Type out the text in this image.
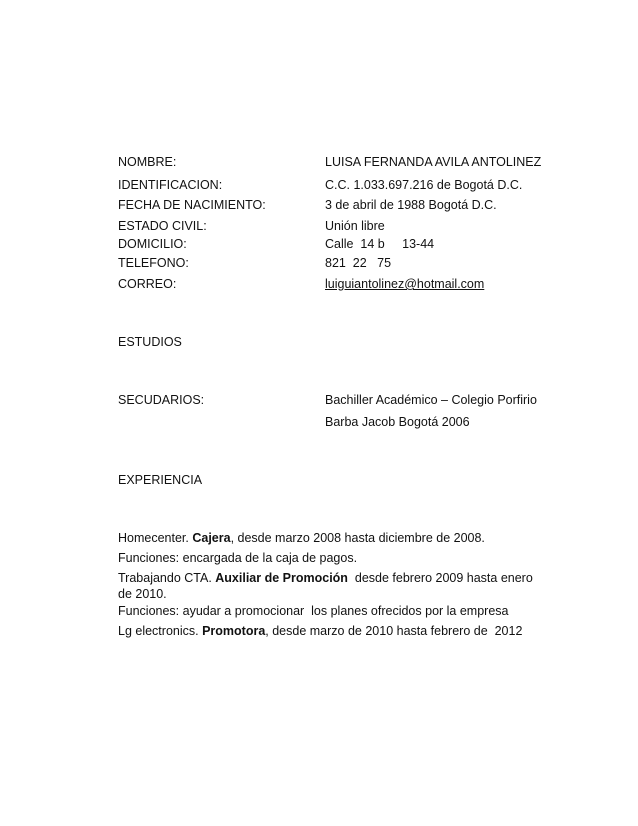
NOMBRE:	LUISA FERNANDA AVILA ANTOLINEZ
IDENTIFICACION:	C.C. 1.033.697.216 de Bogotá D.C.
FECHA DE NACIMIENTO:	3 de abril de 1988 Bogotá D.C.
ESTADO CIVIL:	Unión libre
DOMICILIO:	Calle  14 b     13-44
TELEFONO:	821  22   75
CORREO:	luiguiantolinez@hotmail.com
ESTUDIOS
SECUDARIOS:	Bachiller Académico – Colegio Porfirio
Barba Jacob Bogotá 2006
EXPERIENCIA
Homecenter. Cajera, desde marzo 2008 hasta diciembre de 2008.
Funciones: encargada de la caja de pagos.
Trabajando CTA. Auxiliar de Promoción  desde febrero 2009 hasta enero de 2010.
Funciones: ayudar a promocionar  los planes ofrecidos por la empresa
Lg electronics. Promotora, desde marzo de 2010 hasta febrero de  2012
